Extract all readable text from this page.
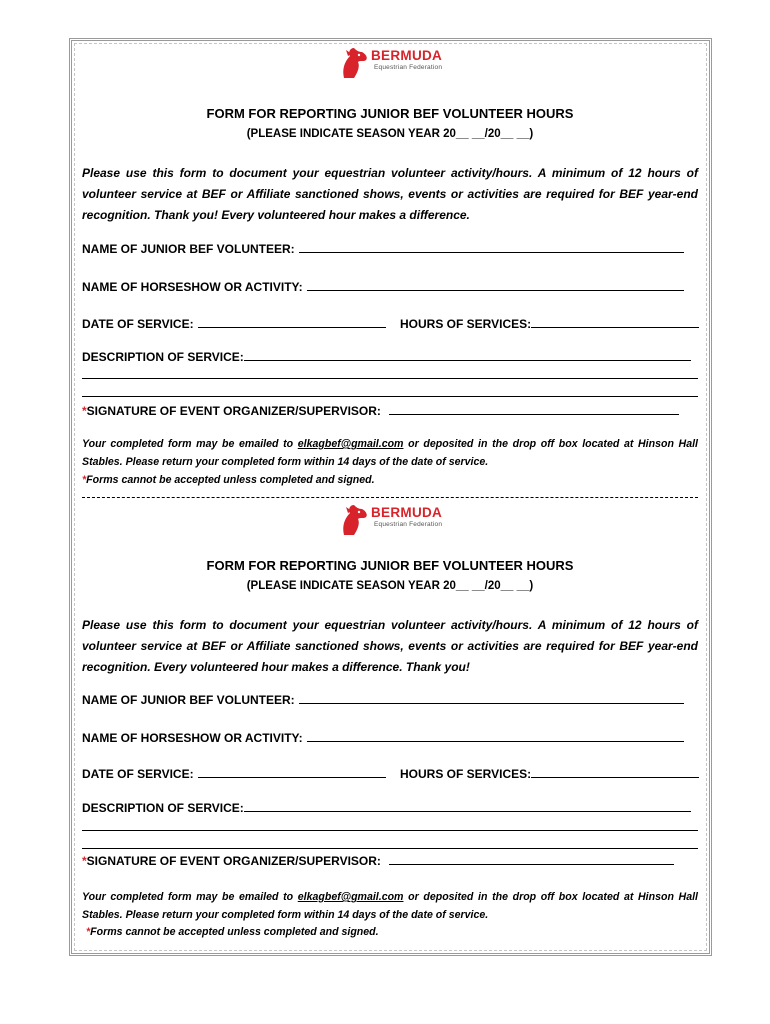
BERMUDA
Equestrian Federation
FORM FOR REPORTING JUNIOR BEF VOLUNTEER HOURS
(PLEASE INDICATE SEASON YEAR 20__ __/20__ __)
Please use this form to document your equestrian volunteer activity/hours. A minimum of 12 hours of volunteer service at BEF or Affiliate sanctioned shows, events or activities are required for BEF year-end recognition. Thank you! Every volunteered hour makes a difference.
NAME OF JUNIOR BEF VOLUNTEER:
NAME OF HORSESHOW OR ACTIVITY:
DATE OF SERVICE:	HOURS OF SERVICES:
DESCRIPTION OF SERVICE:
*SIGNATURE OF EVENT ORGANIZER/SUPERVISOR:
Your completed form may be emailed to elkagbef@gmail.com or deposited in the drop off box located at Hinson Hall Stables. Please return your completed form within 14 days of the date of service.
*Forms cannot be accepted unless completed and signed.
BERMUDA
Equestrian Federation
FORM FOR REPORTING JUNIOR BEF VOLUNTEER HOURS
(PLEASE INDICATE SEASON YEAR 20__ __/20__ __)
Please use this form to document your equestrian volunteer activity/hours. A minimum of 12 hours of volunteer service at BEF or Affiliate sanctioned shows, events or activities are required for BEF year-end recognition. Every volunteered hour makes a difference. Thank you!
NAME OF JUNIOR BEF VOLUNTEER:
NAME OF HORSESHOW OR ACTIVITY:
DATE OF SERVICE:	HOURS OF SERVICES:
DESCRIPTION OF SERVICE:
*SIGNATURE OF EVENT ORGANIZER/SUPERVISOR:
Your completed form may be emailed to elkagbef@gmail.com or deposited in the drop off box located at Hinson Hall Stables. Please return your completed form within 14 days of the date of service.
*Forms cannot be accepted unless completed and signed.
